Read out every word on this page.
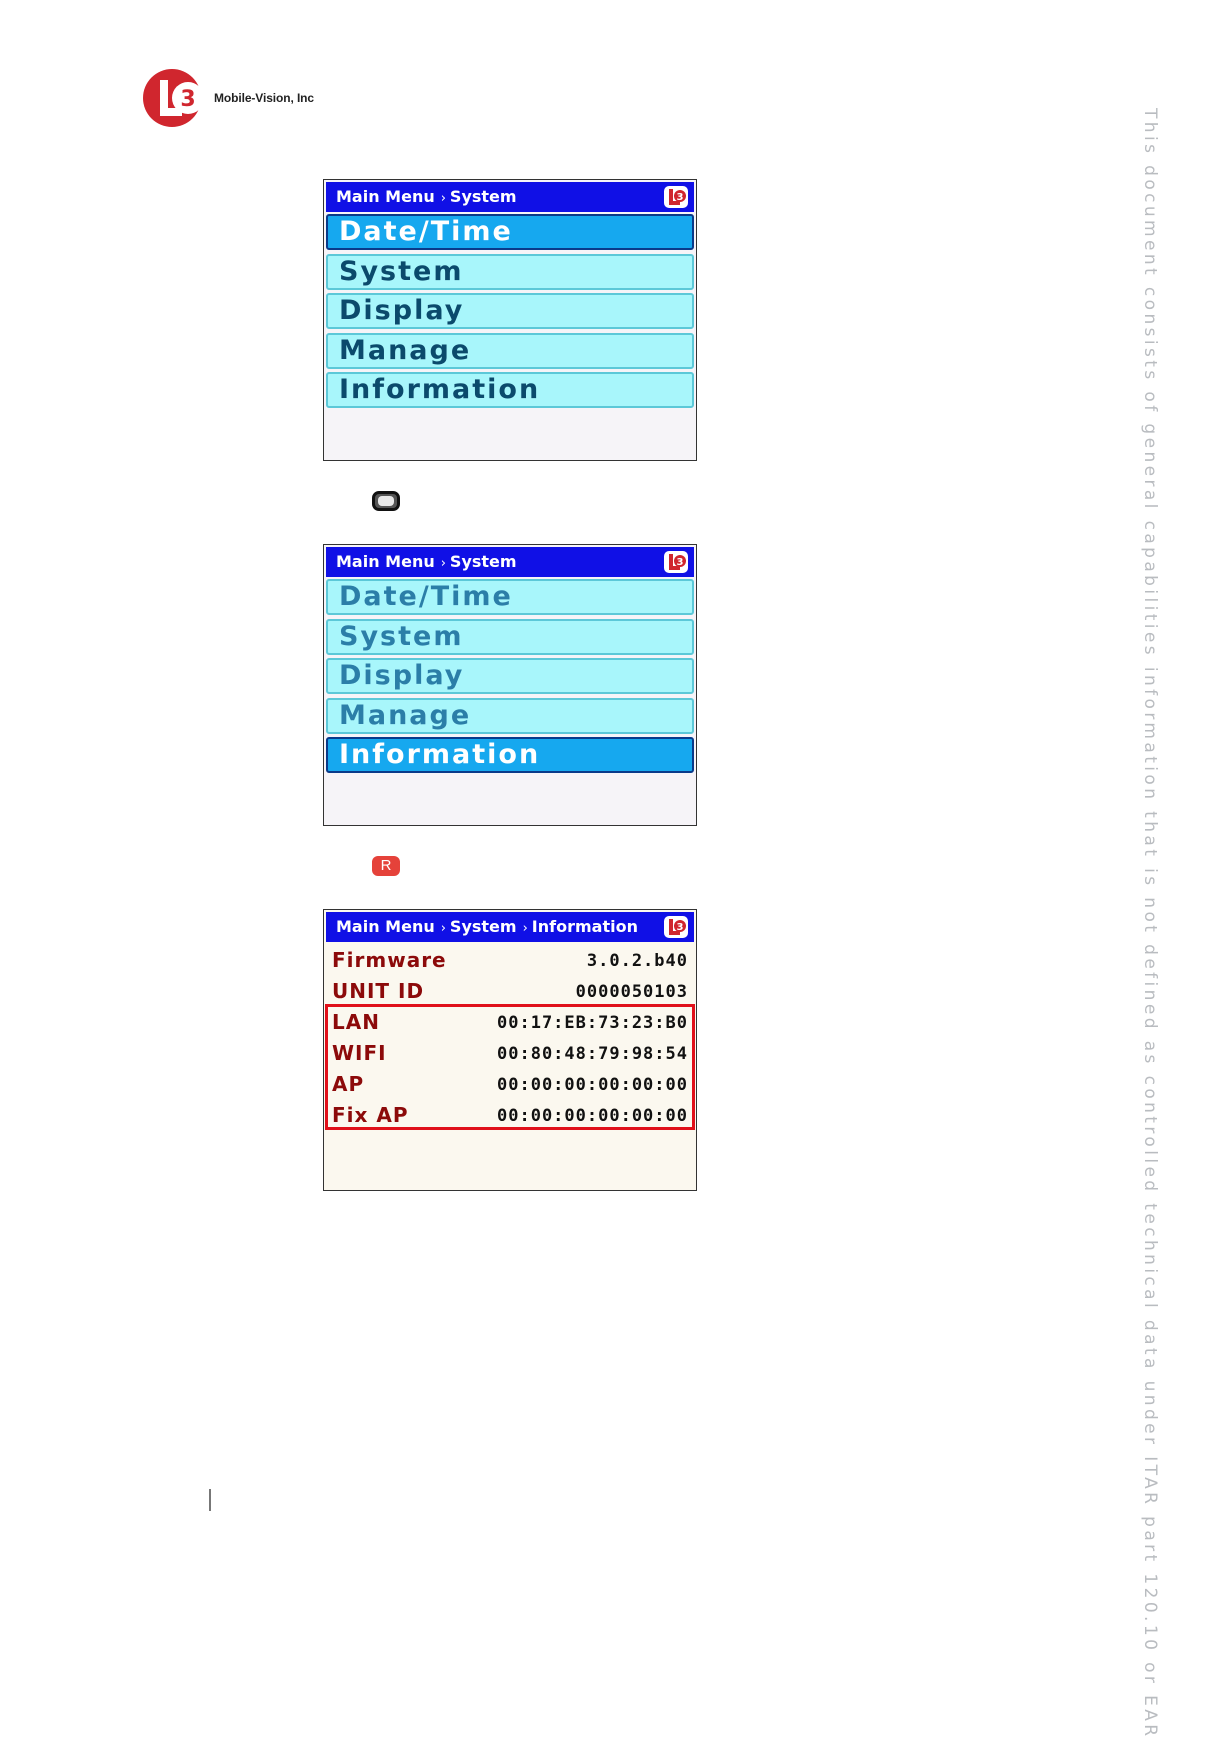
3 Mobile-Vision, Inc
Main Menu › System	3
Date/Time
System
Display
Manage
Information
Main Menu › System	3
Date/Time
System
Display
Manage
Information
R
Main Menu › System › Information	3
Firmware	3.0.2.b40
UNIT ID	0000050103
LAN	00:17:EB:73:23:B0
WIFI	00:80:48:79:98:54
AP	00:00:00:00:00:00
Fix AP	00:00:00:00:00:00	This document consists of general capabilities information that is not defined as controlled technical data under ITAR part 120.10 or EAR
